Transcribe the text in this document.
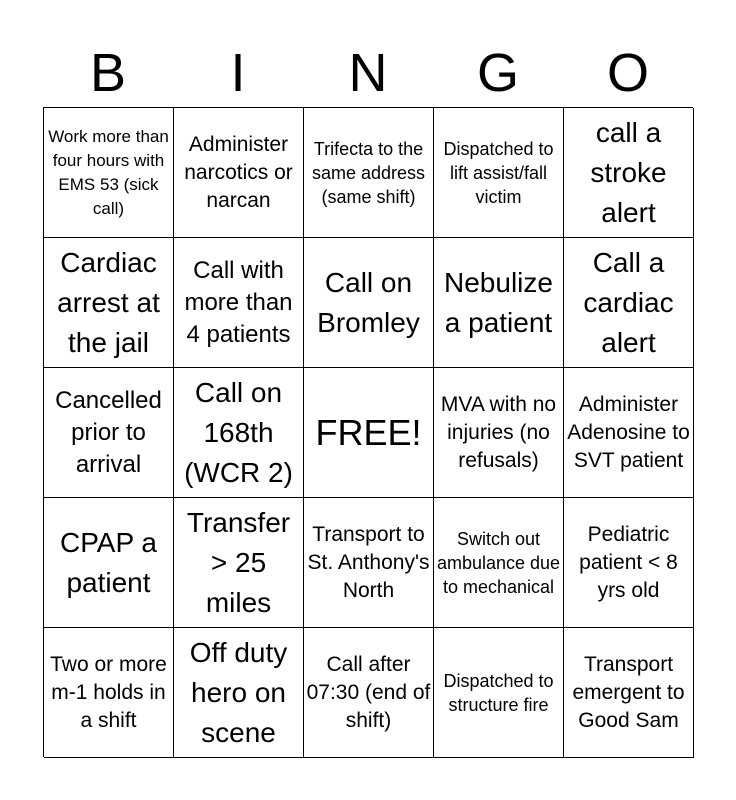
B	I	N	G	O
Work more than four hours with EMS 53 (sick call)
Administer narcotics or narcan
Trifecta to the same address (same shift)
Dispatched to lift assist/fall victim
call a stroke alert
Cardiac arrest at the jail
Call with more than 4 patients
Call on Bromley
Nebulize a patient
Call a cardiac alert
Cancelled prior to arrival
Call on 168th (WCR 2)
FREE!
MVA with no injuries (no refusals)
Administer Adenosine to SVT patient
CPAP a patient
Transfer > 25 miles
Transport to St. Anthony's North
Switch out ambulance due to mechanical
Pediatric patient < 8 yrs old
Two or more m-1 holds in a shift
Off duty hero on scene
Call after 07:30 (end of shift)
Dispatched to structure fire
Transport emergent to Good Sam
